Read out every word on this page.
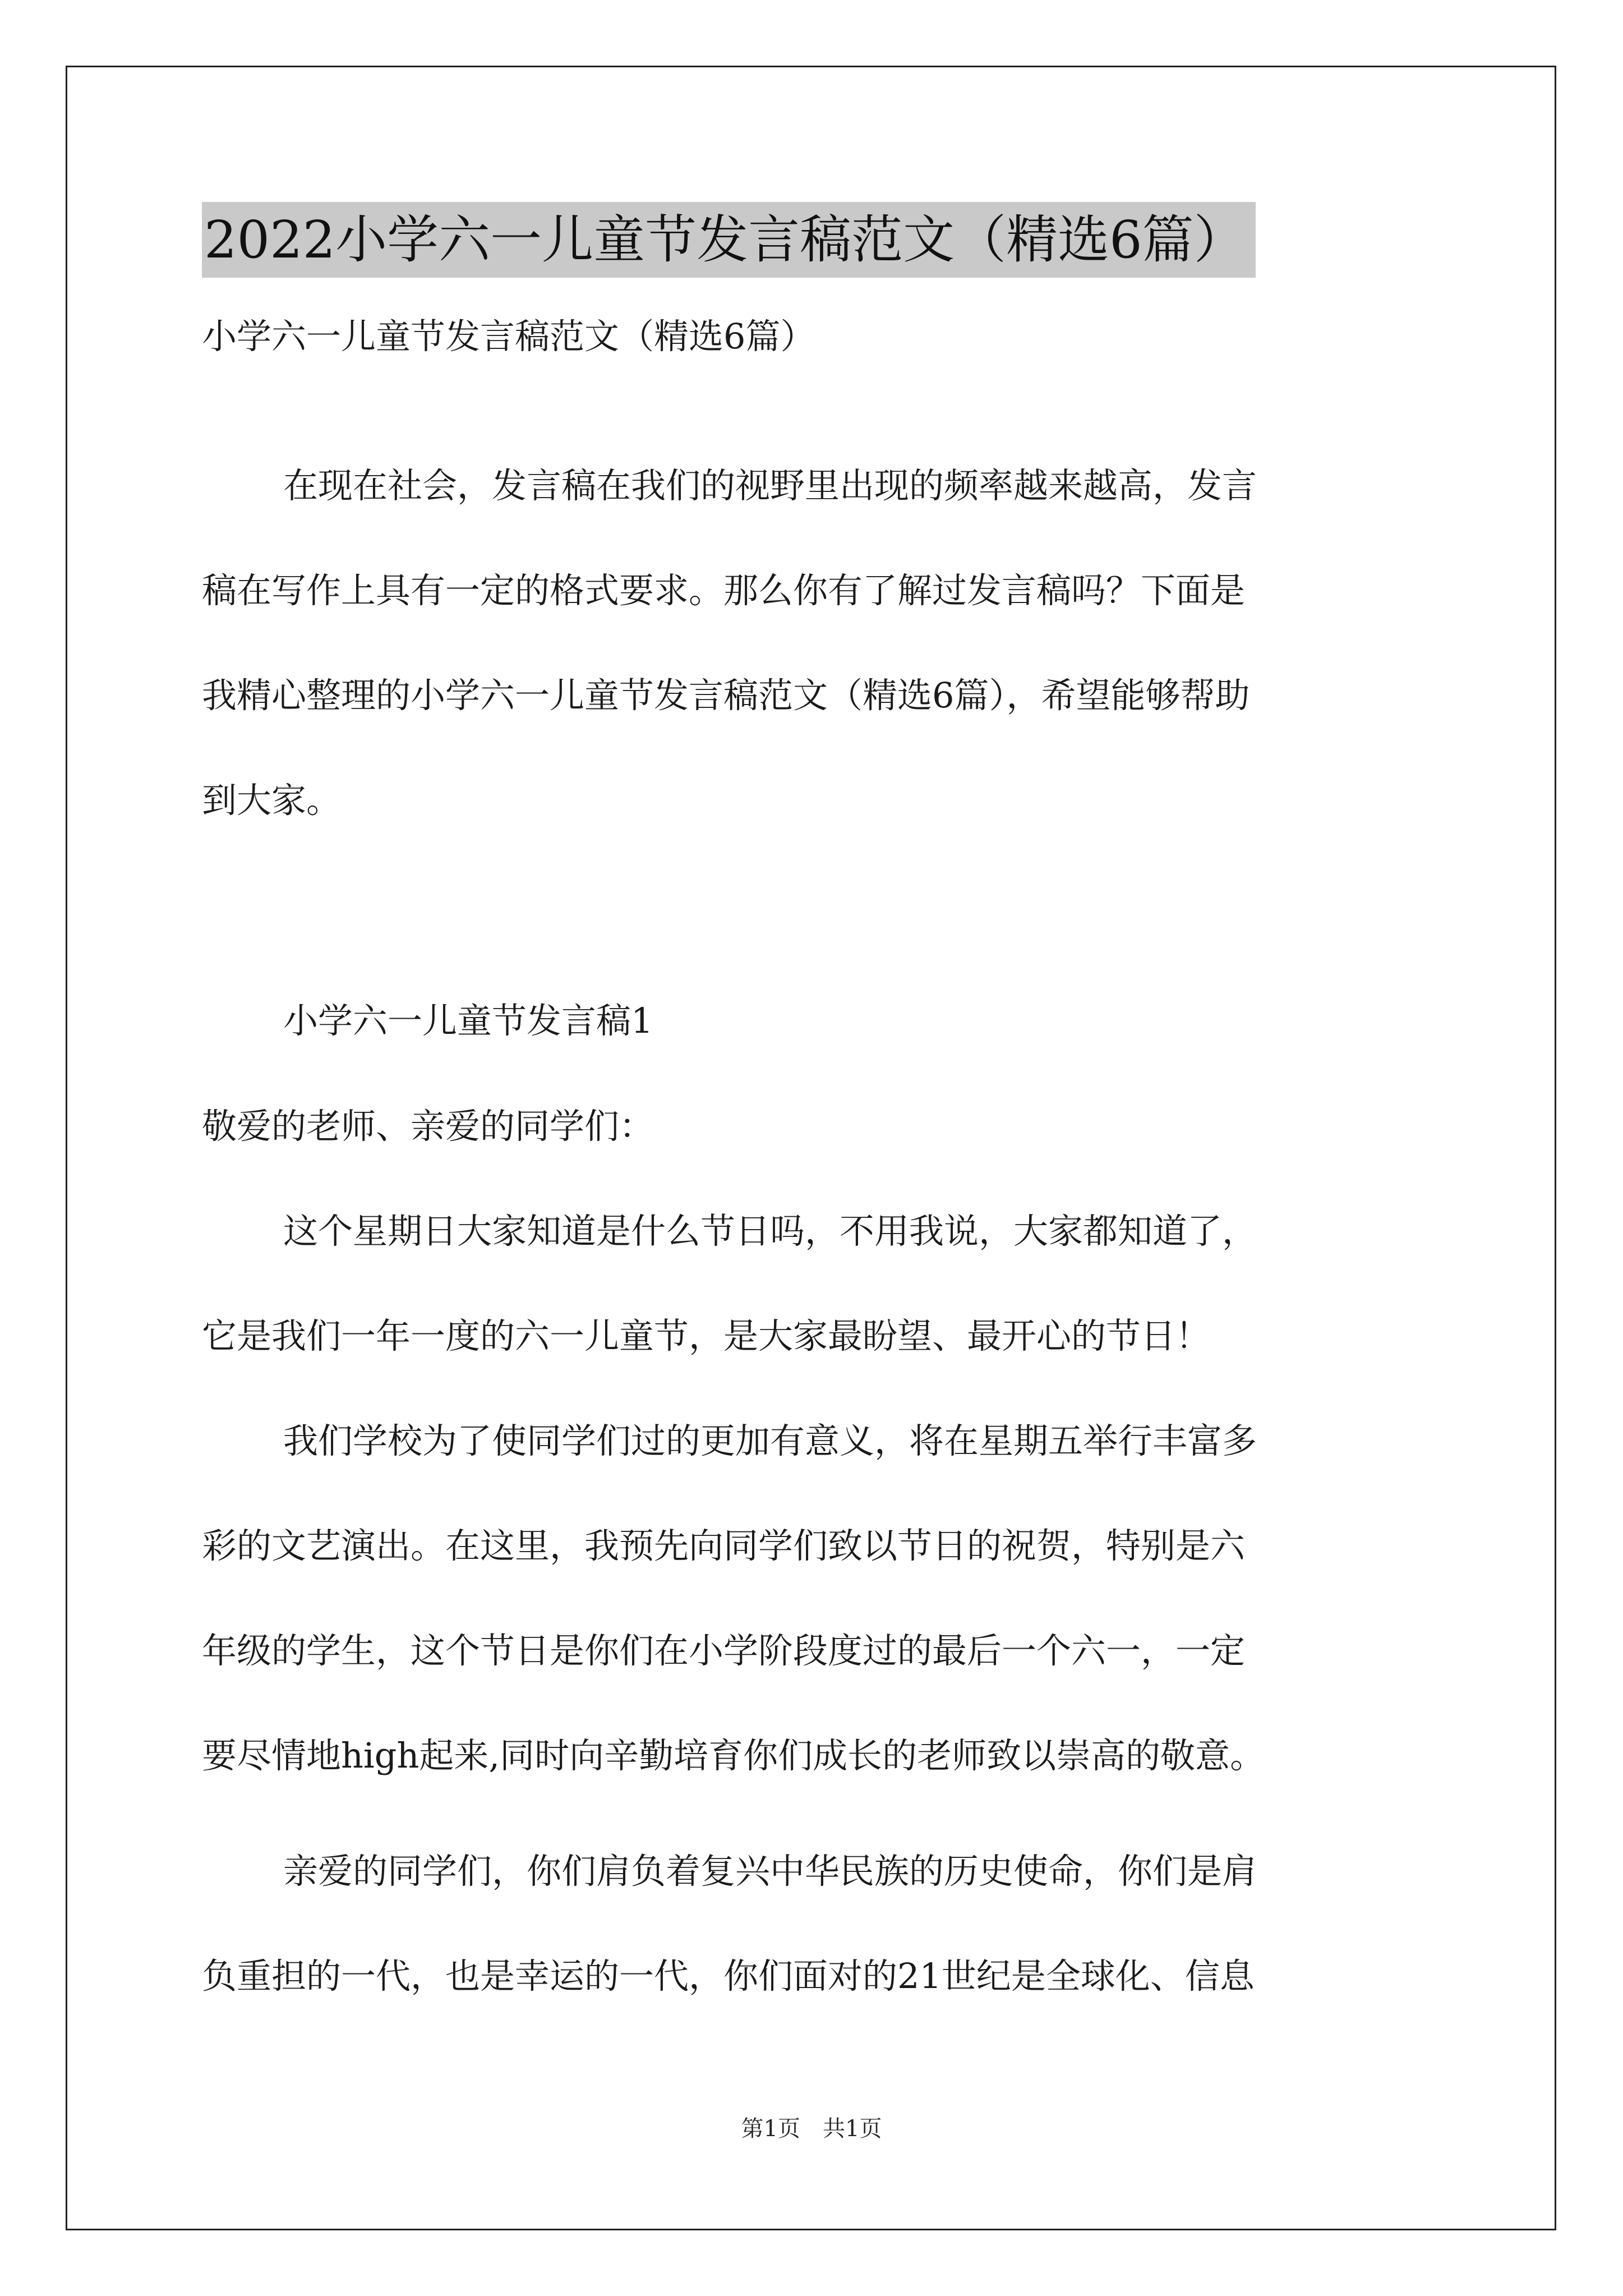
2022小学六一儿童节发言稿范文（精选6篇）
小学六一儿童节发言稿范文（精选6篇）
在现在社会，发言稿在我们的视野里出现的频率越来越高，发言
稿在写作上具有一定的格式要求。那么你有了解过发言稿吗？下面是
我精心整理的小学六一儿童节发言稿范文（精选6篇），希望能够帮助
到大家。
小学六一儿童节发言稿1
敬爱的老师、亲爱的同学们：
这个星期日大家知道是什么节日吗，不用我说，大家都知道了，
它是我们一年一度的六一儿童节，是大家最盼望、最开心的节日！
我们学校为了使同学们过的更加有意义，将在星期五举行丰富多
彩的文艺演出。在这里，我预先向同学们致以节日的祝贺，特别是六
年级的学生，这个节日是你们在小学阶段度过的最后一个六一，一定
要尽情地high起来,同时向辛勤培育你们成长的老师致以崇高的敬意。
亲爱的同学们，你们肩负着复兴中华民族的历史使命，你们是肩
负重担的一代，也是幸运的一代，你们面对的21世纪是全球化、信息
第1页　共1页
